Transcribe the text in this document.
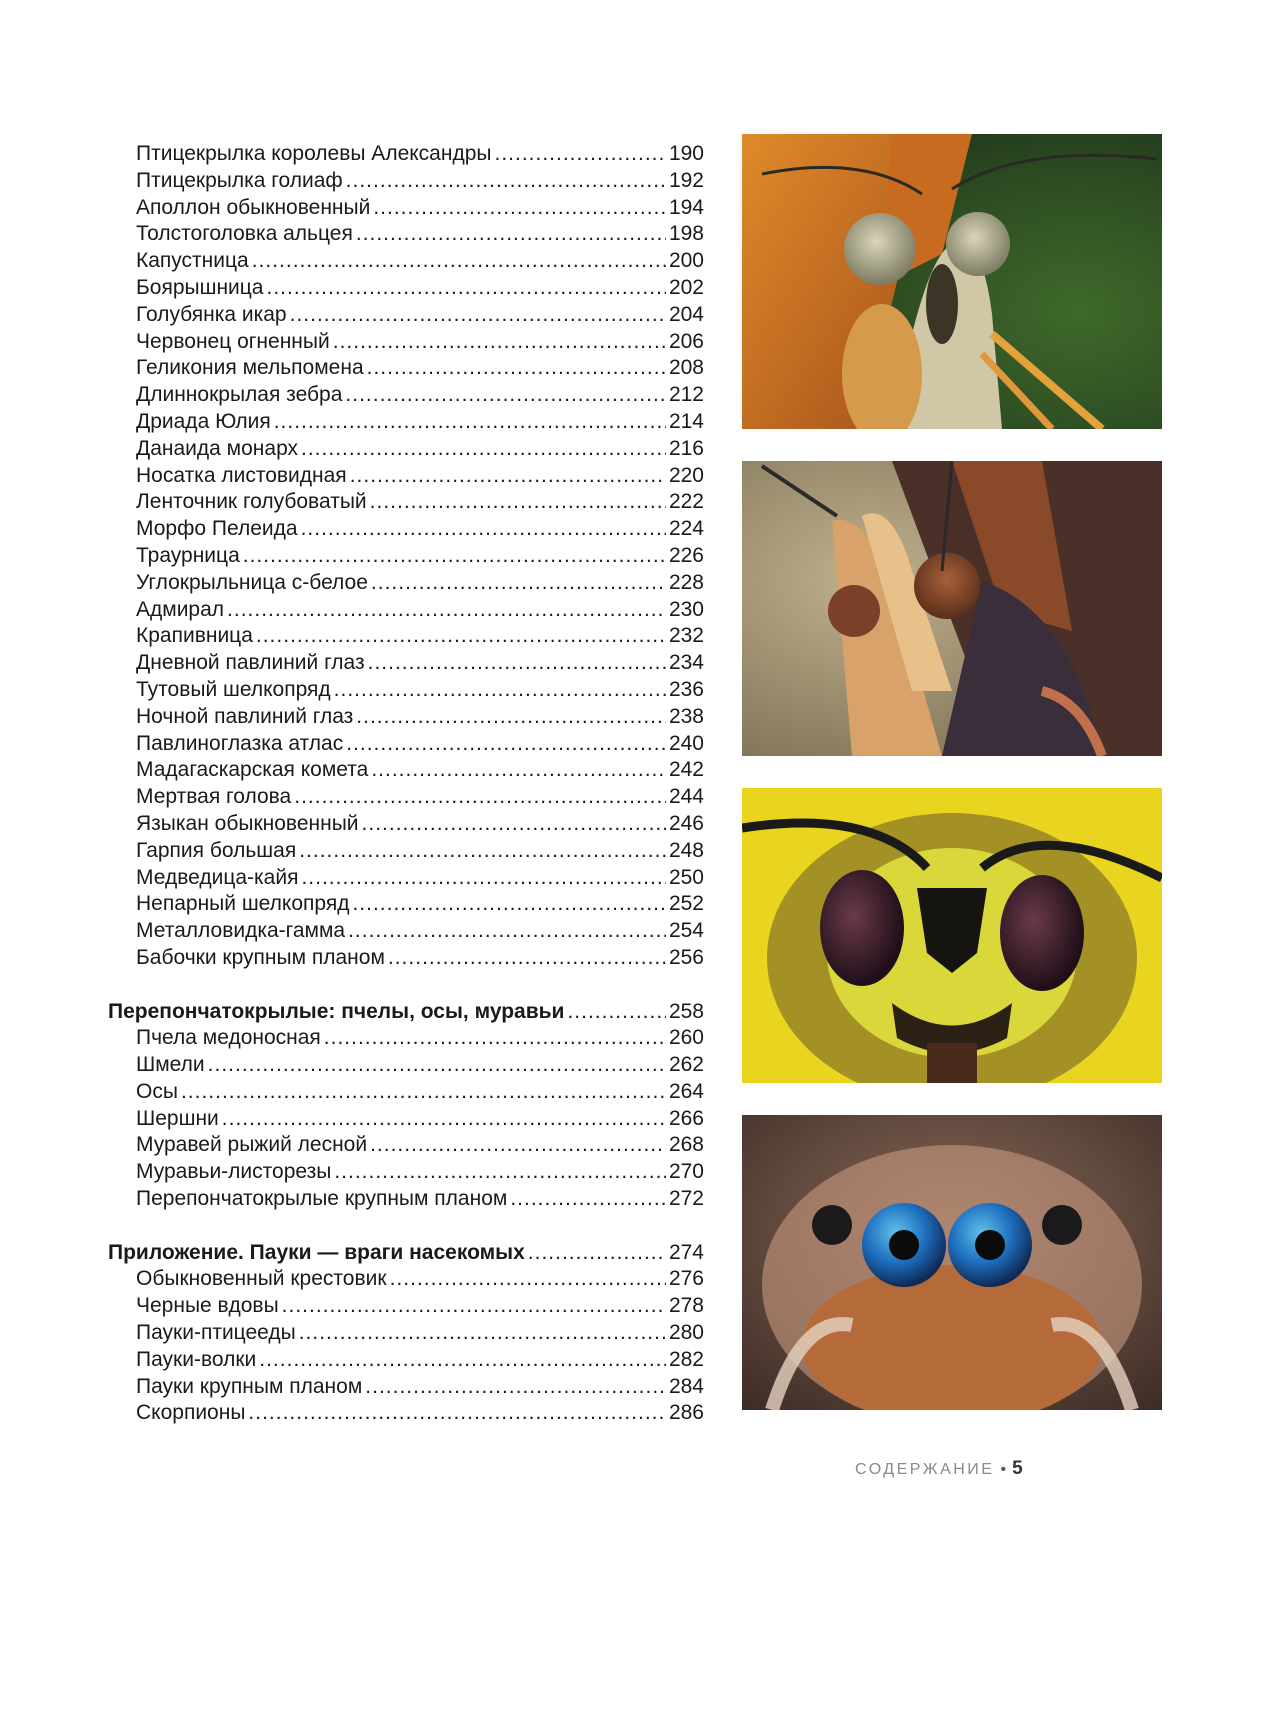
Птицекрылка королевы Александры .....	190
Птицекрылка голиаф .....	192
Аполлон обыкновенный .....	194
Толстоголовка альцея .....	198
Капустница .....	200
Боярышница .....	202
Голубянка икар .....	204
Червонец огненный .....	206
Геликония мельпомена .....	208
Длиннокрылая зебра .....	212
Дриада Юлия .....	214
Данаида монарх .....	216
Носатка листовидная .....	220
Ленточник голубоватый .....	222
Морфо Пелеида .....	224
Траурница .....	226
Углокрыльница с-белое .....	228
Адмирал .....	230
Крапивница .....	232
Дневной павлиний глаз .....	234
Тутовый шелкопряд .....	236
Ночной павлиний глаз .....	238
Павлиноглазка атлас .....	240
Мадагаскарская комета .....	242
Мертвая голова .....	244
Языкан обыкновенный .....	246
Гарпия большая .....	248
Медведица-кайя .....	250
Непарный шелкопряд .....	252
Металловидка-гамма .....	254
Бабочки крупным планом .....	256
Перепончатокрылые: пчелы, осы, муравьи .....	258
Пчела медоносная .....	260
Шмели .....	262
Осы .....	264
Шершни .....	266
Муравей рыжий лесной .....	268
Муравьи-листорезы .....	270
Перепончатокрылые крупным планом .....	272
Приложение. Пауки — враги насекомых .....	274
Обыкновенный крестовик .....	276
Черные вдовы .....	278
Пауки-птицееды .....	280
Пауки-волки .....	282
Пауки крупным планом .....	284
Скорпионы .....	286
СОДЕРЖАНИЕ • 5
